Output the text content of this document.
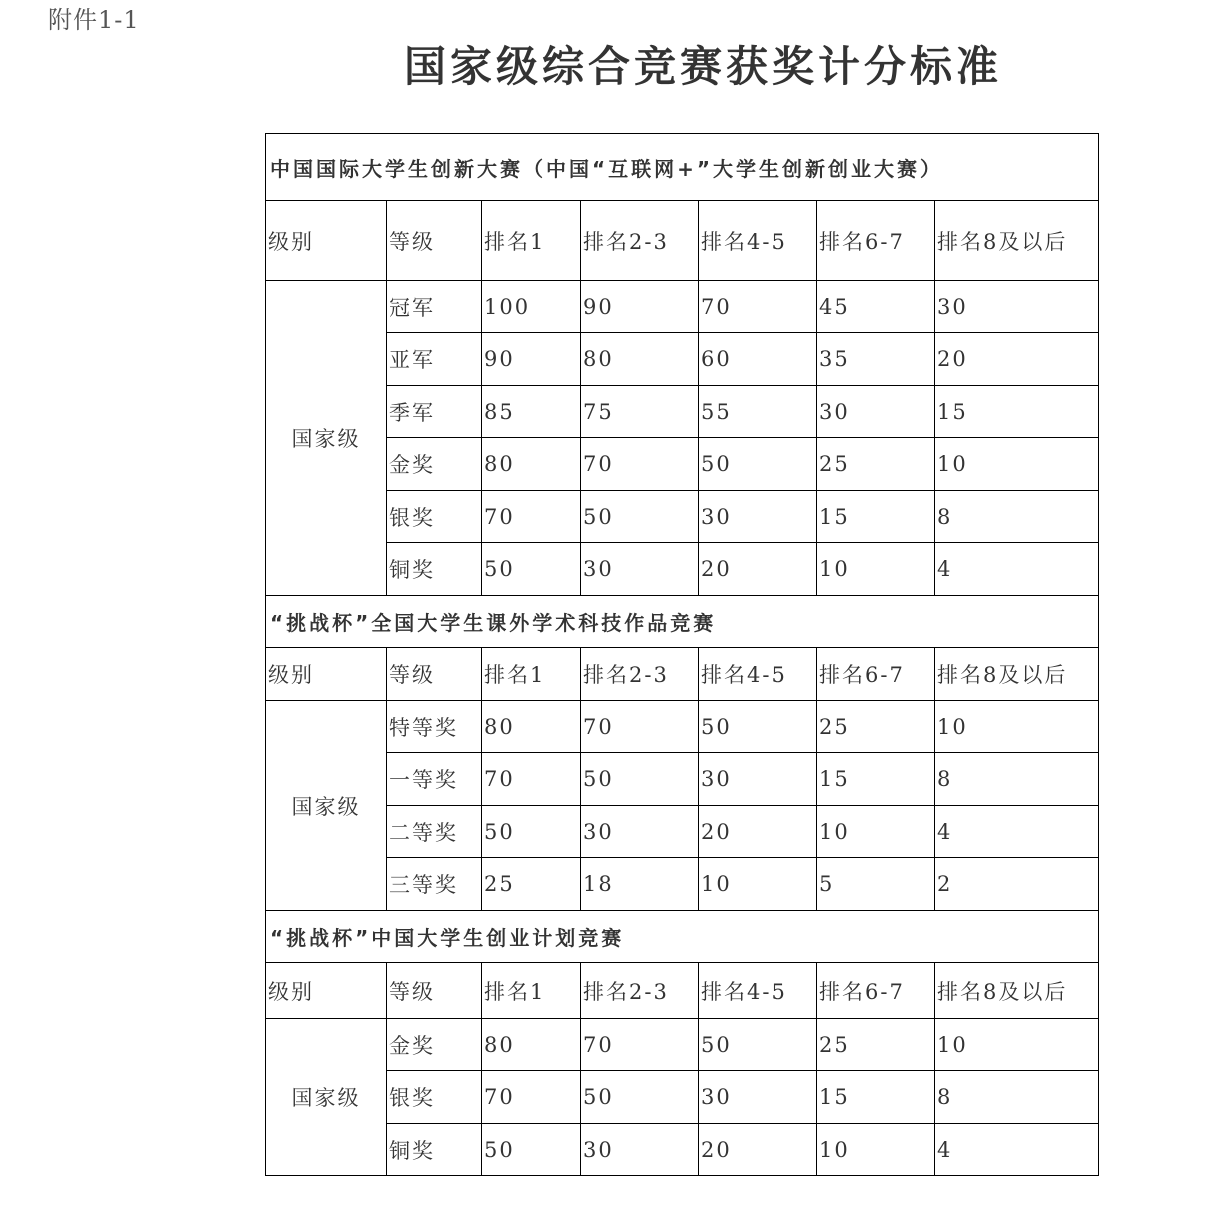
附件1-1
国家级综合竞赛获奖计分标准
中国国际大学生创新大赛（中国“互联网+”大学生创新创业大赛）						
级别	等级	排名1	排名2-3	排名4-5	排名6-7	排名8及以后
国家级	冠军	100	90	70	45	30
	亚军	90	80	60	35	20
	季军	85	75	55	30	15
	金奖	80	70	50	25	10
	银奖	70	50	30	15	8
	铜奖	50	30	20	10	4
“挑战杯”全国大学生课外学术科技作品竞赛						
级别	等级	排名1	排名2-3	排名4-5	排名6-7	排名8及以后
国家级	特等奖	80	70	50	25	10
	一等奖	70	50	30	15	8
	二等奖	50	30	20	10	4
	三等奖	25	18	10	5	2
“挑战杯”中国大学生创业计划竞赛						
级别	等级	排名1	排名2-3	排名4-5	排名6-7	排名8及以后
国家级	金奖	80	70	50	25	10
	银奖	70	50	30	15	8
	铜奖	50	30	20	10	4
